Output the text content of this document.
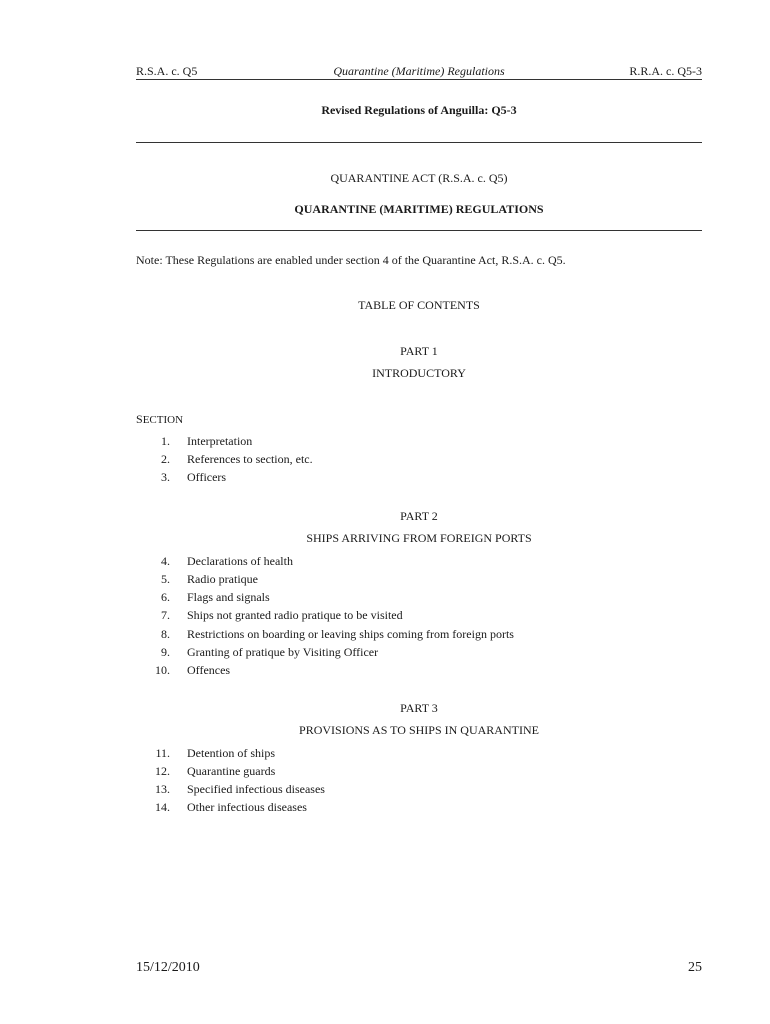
R.S.A. c. Q5	Quarantine (Maritime) Regulations	R.R.A. c. Q5-3
Revised Regulations of Anguilla: Q5-3
QUARANTINE ACT (R.S.A. c. Q5)
QUARANTINE (MARITIME) REGULATIONS
Note: These Regulations are enabled under section 4 of the Quarantine Act, R.S.A. c. Q5.
TABLE OF CONTENTS
PART 1
INTRODUCTORY
SECTION
1. Interpretation
2. References to section, etc.
3. Officers
PART 2
SHIPS ARRIVING FROM FOREIGN PORTS
4. Declarations of health
5. Radio pratique
6. Flags and signals
7. Ships not granted radio pratique to be visited
8. Restrictions on boarding or leaving ships coming from foreign ports
9. Granting of pratique by Visiting Officer
10. Offences
PART 3
PROVISIONS AS TO SHIPS IN QUARANTINE
11. Detention of ships
12. Quarantine guards
13. Specified infectious diseases
14. Other infectious diseases
15/12/2010	25
